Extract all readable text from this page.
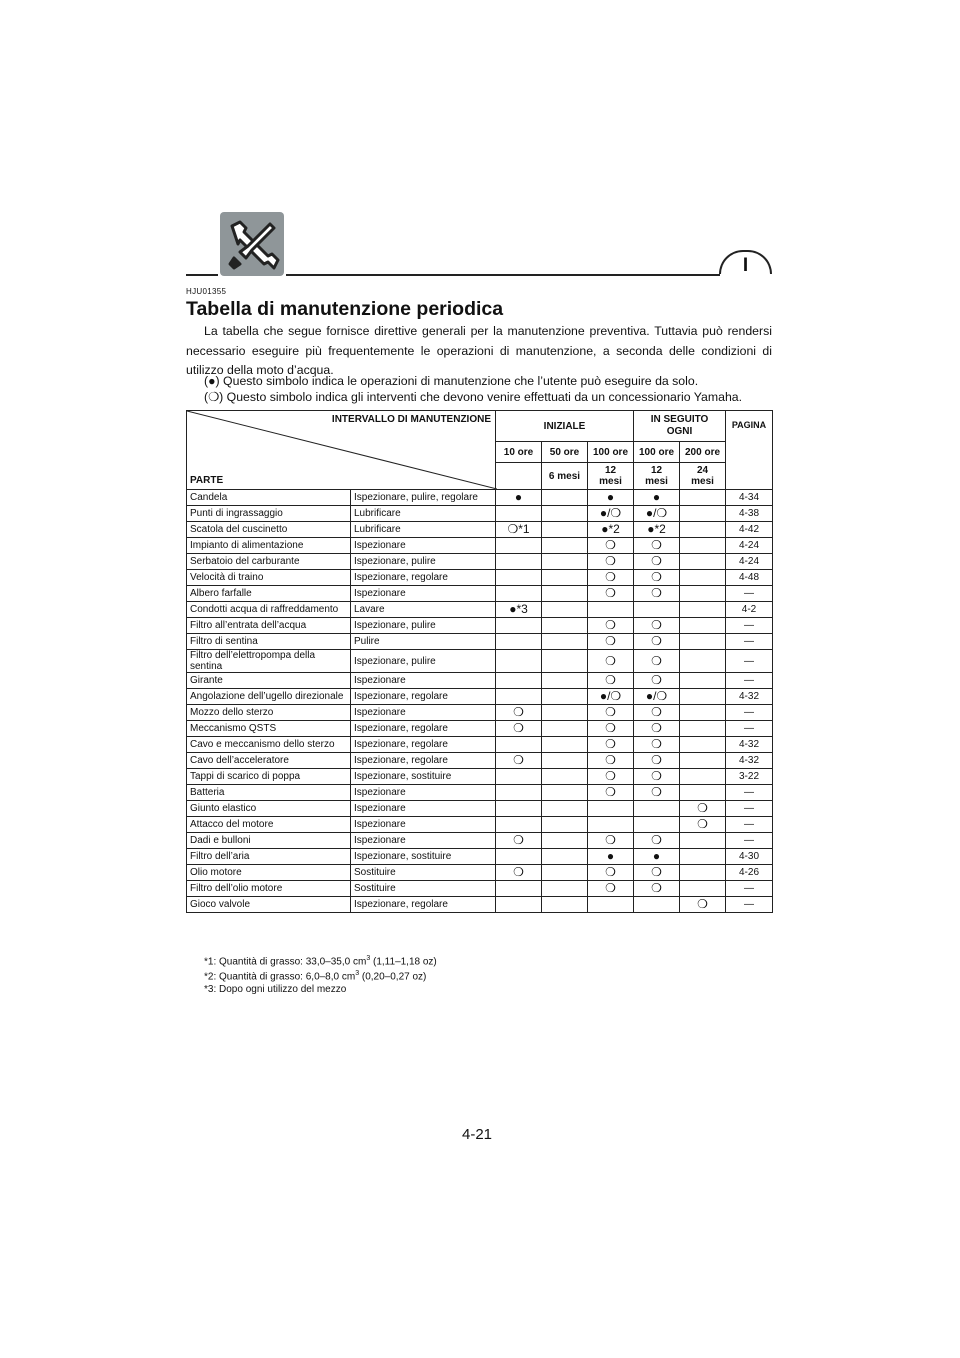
I
HJU01355
Tabella di manutenzione periodica

La tabella che segue fornisce direttive generali per la manutenzione preventiva. Tuttavia può rendersi necessario eseguire più frequentemente le operazioni di manutenzione, a seconda delle condizioni di utilizzo della moto d’acqua.

(●) Questo simbolo indica le operazioni di manutenzione che l’utente può eseguire da solo.
(❍) Questo simbolo indica gli interventi che devono venire effettuati da un concessionario Yamaha.
INTERVALLO DI MANUTENZIONE
PARTE		INIZIALE			IN SEGUITO OGNI		PAGINA
		10 ore	50 ore	100 ore	100 ore	200 ore	
			6 mesi	12 mesi	12 mesi	24 mesi	
Candela	Ispezionare, pulire, regolare	●		●	●		4-34
Punti di ingrassaggio	Lubrificare			●/❍	●/❍		4-38
Scatola del cuscinetto	Lubrificare	❍*1		●*2	●*2		4-42
Impianto di alimentazione	Ispezionare			❍	❍		4-24
Serbatoio del carburante	Ispezionare, pulire			❍	❍		4-24
Velocità di traino	Ispezionare, regolare			❍	❍		4-48
Albero farfalle	Ispezionare			❍	❍		—
Condotti acqua di raffreddamento	Lavare	●*3					4-2
Filtro all’entrata dell’acqua	Ispezionare, pulire			❍	❍		—
Filtro di sentina	Pulire			❍	❍		—
Filtro dell’elettropompa della sentina	Ispezionare, pulire			❍	❍		—
Girante	Ispezionare			❍	❍		—
Angolazione dell’ugello direzionale	Ispezionare, regolare			●/❍	●/❍		4-32
Mozzo dello sterzo	Ispezionare	❍		❍	❍		—
Meccanismo QSTS	Ispezionare, regolare	❍		❍	❍		—
Cavo e meccanismo dello sterzo	Ispezionare, regolare			❍	❍		4-32
Cavo dell’acceleratore	Ispezionare, regolare	❍		❍	❍		4-32
Tappi di scarico di poppa	Ispezionare, sostituire			❍	❍		3-22
Batteria	Ispezionare			❍	❍		—
Giunto elastico	Ispezionare					❍	—
Attacco del motore	Ispezionare					❍	—
Dadi e bulloni	Ispezionare	❍		❍	❍		—
Filtro dell’aria	Ispezionare, sostituire			●	●		4-30
Olio motore	Sostituire	❍		❍	❍		4-26
Filtro dell’olio motore	Sostituire			❍	❍		—
Gioco valvole	Ispezionare, regolare					❍	—
*1: Quantità di grasso: 33,0–35,0 $cm^3$ (1,11–1,18 oz)
*2: Quantità di grasso: 6,0–8,0 $cm^3$ (0,20–0,27 oz)
*3: Dopo ogni utilizzo del mezzo
4-21
